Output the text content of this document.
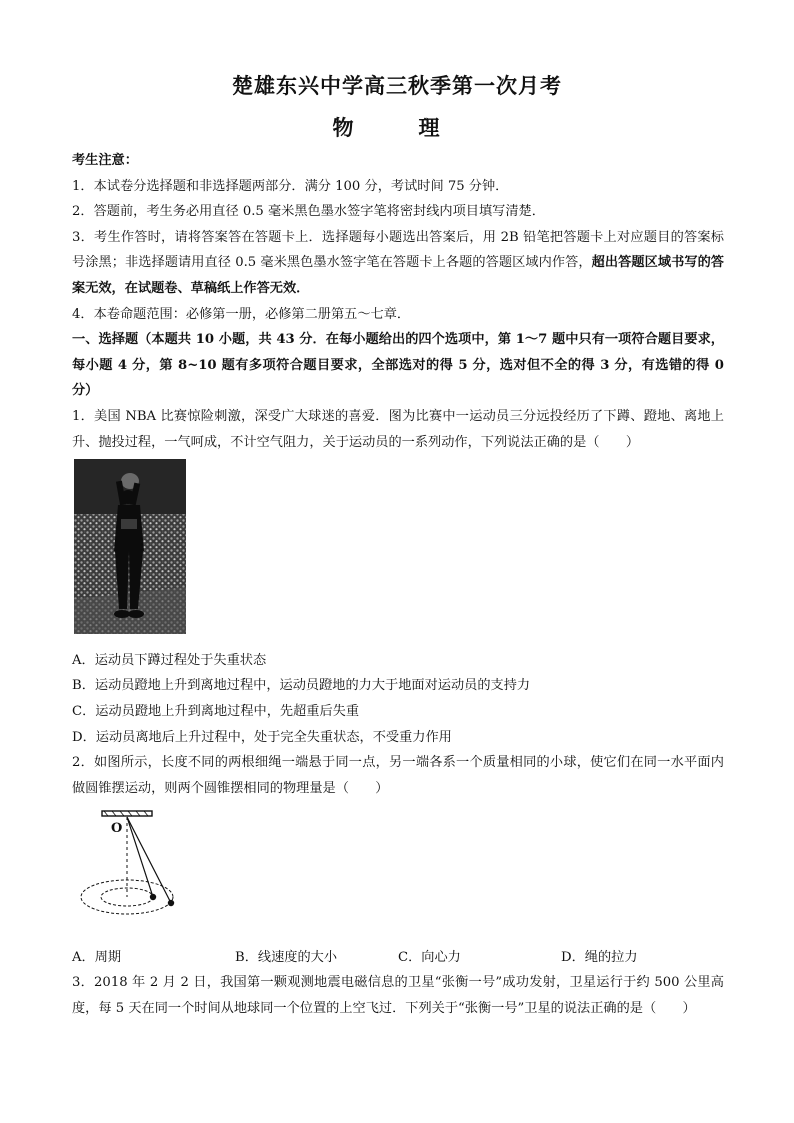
楚雄东兴中学高三秋季第一次月考
物　理

考生注意：

1．本试卷分选择题和非选择题两部分．满分 100 分，考试时间 75 分钟．

2．答题前，考生务必用直径 0.5 毫米黑色墨水签字笔将密封线内项目填写清楚．

3．考生作答时，请将答案答在答题卡上．选择题每小题选出答案后，用 2B 铅笔把答题卡上对应题目的答案标号涂黑；非选择题请用直径 0.5 毫米黑色墨水签字笔在答题卡上各题的答题区域内作答，超出答题区域书写的答案无效，在试题卷、草稿纸上作答无效．

4．本卷命题范围：必修第一册，必修第二册第五～七章．

一、选择题（本题共 10 小题，共 43 分．在每小题给出的四个选项中，第 1～7 题中只有一项符合题目要求，每小题 4 分，第 8~10 题有多项符合题目要求，全部选对的得 5 分，选对但不全的得 3 分，有选错的得 0 分）

1．美国 NBA 比赛惊险刺激，深受广大球迷的喜爱．图为比赛中一运动员三分远投经历了下蹲、蹬地、离地上升、抛投过程，一气呵成，不计空气阻力，关于运动员的一系列动作，下列说法正确的是（　　）

A．运动员下蹲过程处于失重状态

B．运动员蹬地上升到离地过程中，运动员蹬地的力大于地面对运动员的支持力

C．运动员蹬地上升到离地过程中，先超重后失重

D．运动员离地后上升过程中，处于完全失重状态，不受重力作用

2．如图所示，长度不同的两根细绳一端悬于同一点，另一端各系一个质量相同的小球，使它们在同一水平面内做圆锥摆运动，则两个圆锥摆相同的物理量是（　　）

O
A．周期	B．线速度的大小	C．向心力	D．绳的拉力

3．2018 年 2 月 2 日，我国第一颗观测地震电磁信息的卫星“张衡一号”成功发射，卫星运行于约 500 公里高度，每 5 天在同一个时间从地球同一个位置的上空飞过．下列关于“张衡一号”卫星的说法正确的是（　　）
